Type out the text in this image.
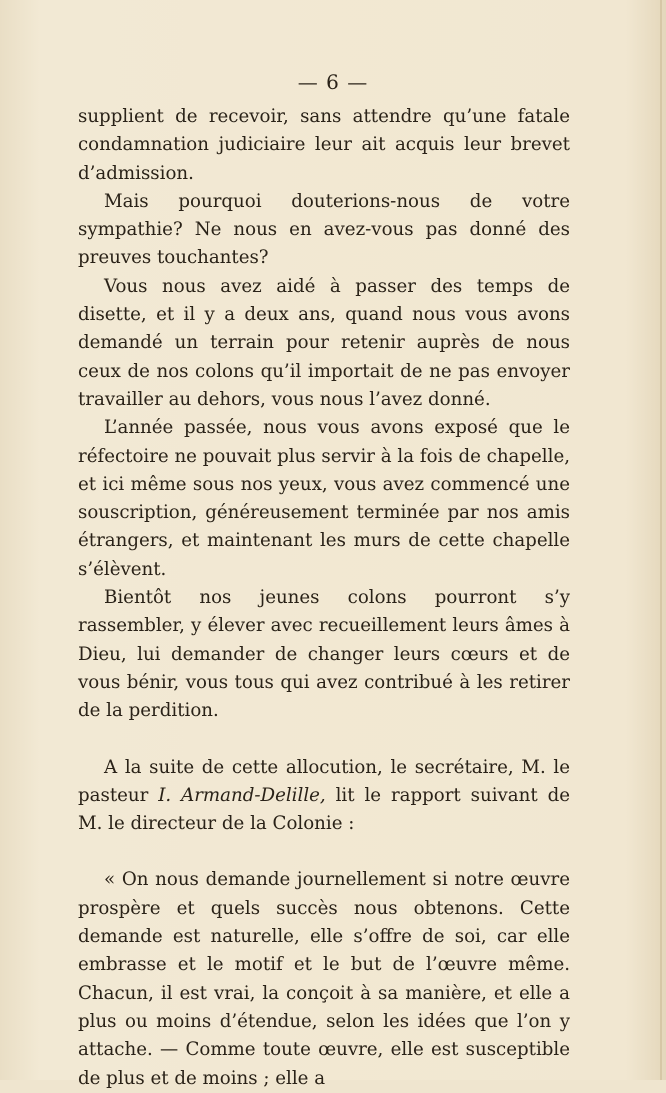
— 6 —

supplient de recevoir, sans attendre qu’une fatale condamnation judiciaire leur ait acquis leur brevet d’admission.

Mais pourquoi douterions-nous de votre sympathie? Ne nous en avez-vous pas donné des preuves touchantes?

Vous nous avez aidé à passer des temps de disette, et il y a deux ans, quand nous vous avons demandé un terrain pour retenir auprès de nous ceux de nos colons qu’il importait de ne pas envoyer travailler au dehors, vous nous l’avez donné.

L’année passée, nous vous avons exposé que le réfectoire ne pouvait plus servir à la fois de chapelle, et ici même sous nos yeux, vous avez commencé une souscription, généreusement terminée par nos amis étrangers, et maintenant les murs de cette chapelle s’élèvent.

Bientôt nos jeunes colons pourront s’y rassembler, y élever avec recueillement leurs âmes à Dieu, lui demander de changer leurs cœurs et de vous bénir, vous tous qui avez contribué à les retirer de la perdition.

A la suite de cette allocution, le secrétaire, M. le pasteur I. Armand-Delille, lit le rapport suivant de M. le directeur de la Colonie :

« On nous demande journellement si notre œuvre prospère et quels succès nous obtenons. Cette demande est naturelle, elle s’offre de soi, car elle embrasse et le motif et le but de l’œuvre même. Chacun, il est vrai, la conçoit à sa manière, et elle a plus ou moins d’étendue, selon les idées que l’on y attache. — Comme toute œuvre, elle est susceptible de plus et de moins ; elle a
